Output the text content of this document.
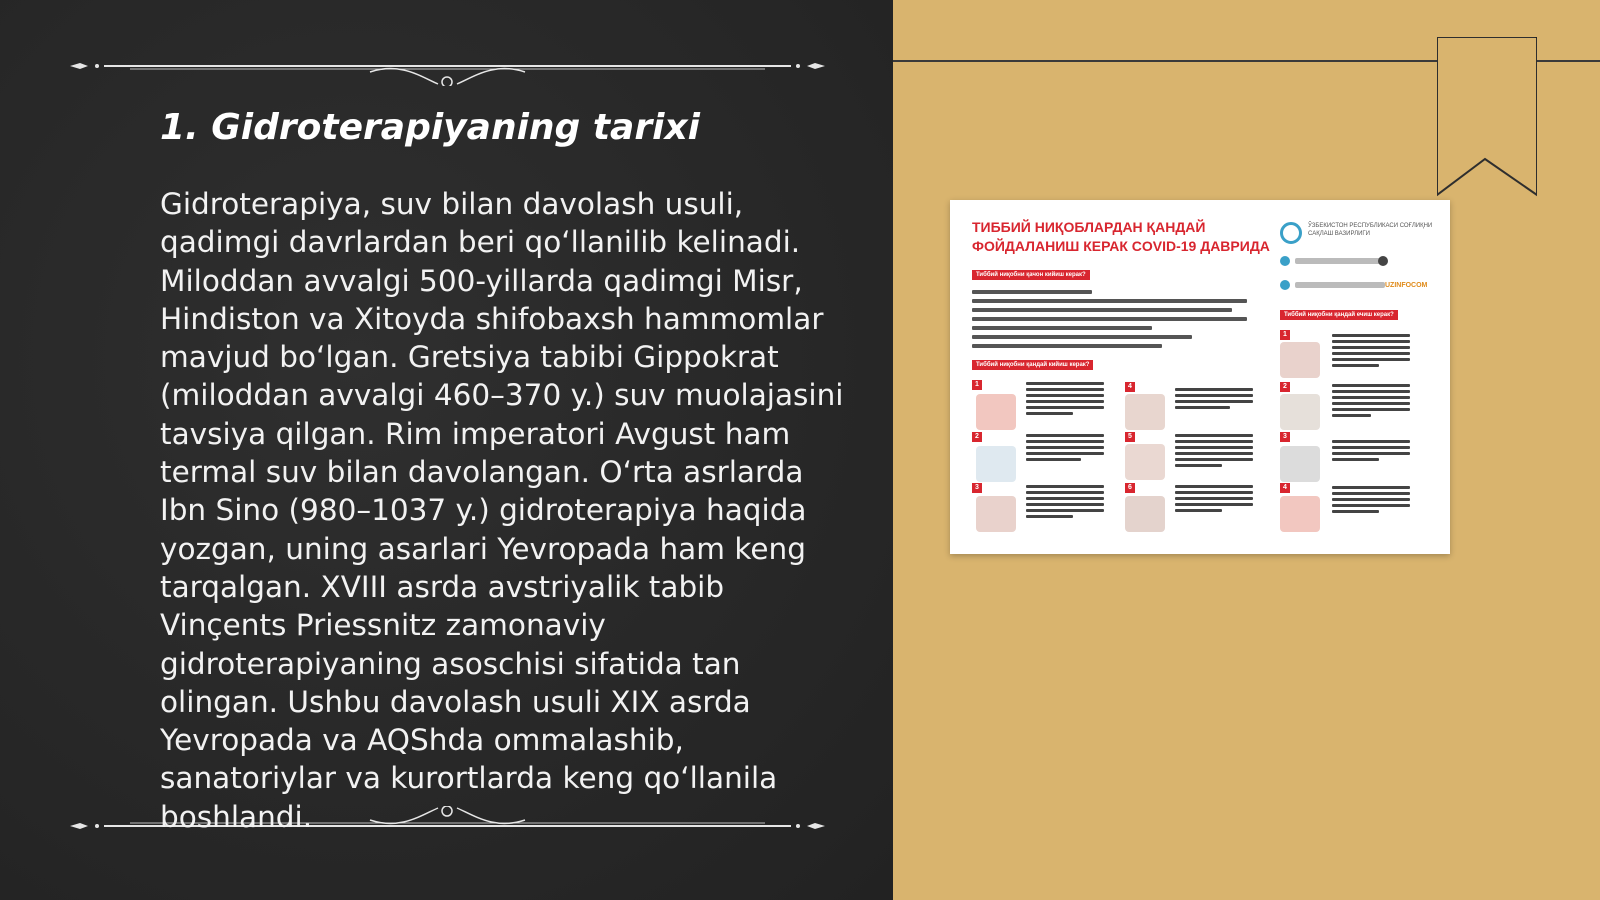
1. Gidroterapiyaning tarixi

Gidroterapiya, suv bilan davolash usuli, qadimgi davrlardan beri qo‘llanilib kelinadi. Miloddan avvalgi 500-yillarda qadimgi Misr, Hindiston va Xitoyda shifobaxsh hammomlar mavjud bo‘lgan. Gretsiya tabibi Gippokrat (miloddan avvalgi 460–370 y.) suv muolajasini tavsiya qilgan. Rim imperatori Avgust ham termal suv bilan davolangan. O‘rta asrlarda Ibn Sino (980–1037 y.) gidroterapiya haqida yozgan, uning asarlari Yevropada ham keng tarqalgan. XVIII asrda avstriyalik tabib Vinçents Priessnitz zamonaviy gidroterapiyaning asoschisi sifatida tan olingan. Ushbu davolash usuli XIX asrda Yevropada va AQShda ommalashib, sanatoriylar va kurortlarda keng qo‘llanila boshlandi.

ТИББИЙ НИҚОБЛАРДАН ҚАНДАЙ ФОЙДАЛАНИШ КЕРАК COVID-19 ДАВРИДА
ЎЗБЕКИСТОН РЕСПУБЛИКАСИ СОҒЛИҚНИ САҚЛАШ ВАЗИРЛИГИ
UZINFOCOM
Тиббий ниқобни қачон кийиш керак?
Тиббий ниқобни қандай кийиш керак?
Тиббий ниқобни қандай ечиш керак?
1
2
3
4
5
6
1
2
3
4
